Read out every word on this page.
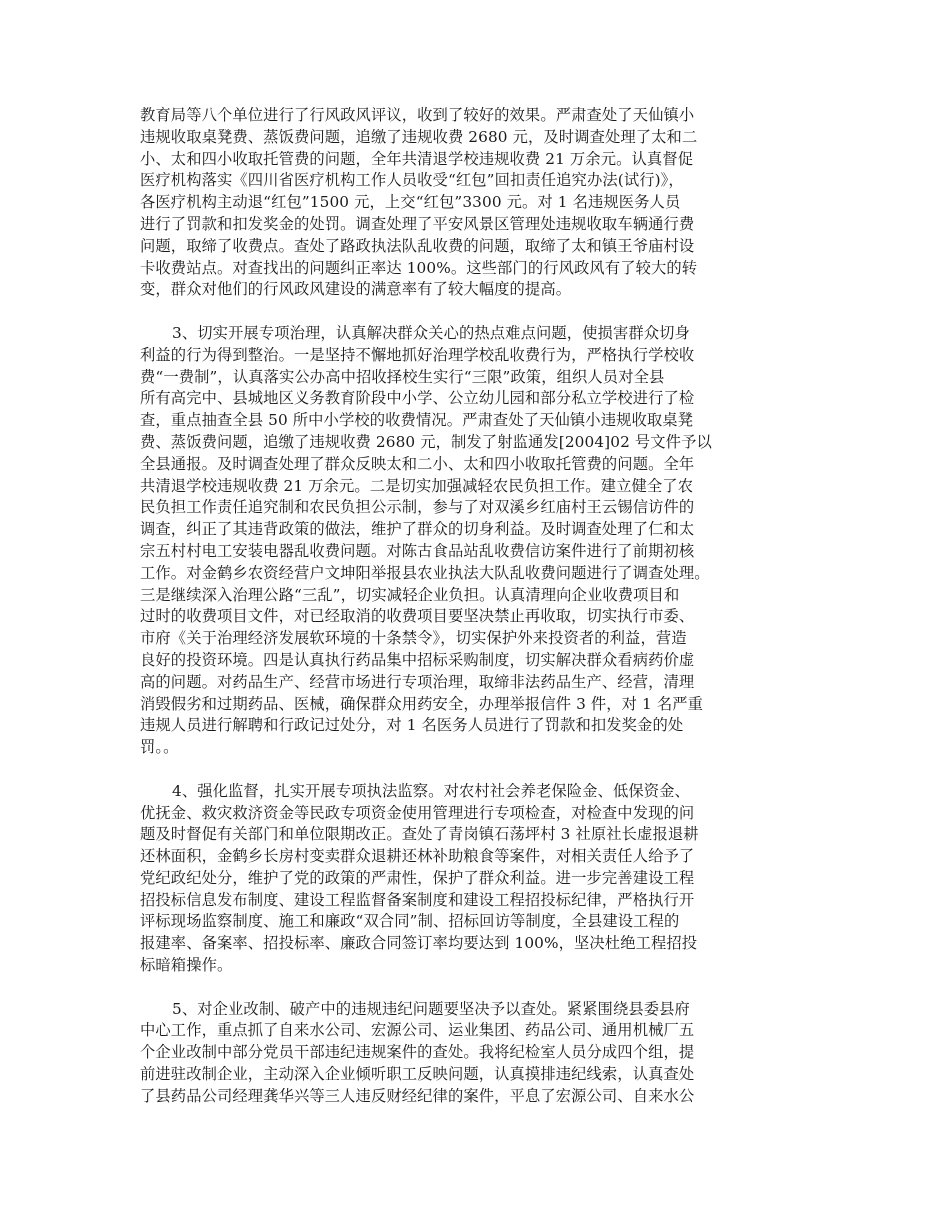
教育局等八个单位进行了行风政风评议，收到了较好的效果。严肃查处了天仙镇小
违规收取桌凳费、蒸饭费问题，追缴了违规收费 2680 元，及时调查处理了太和二
小、太和四小收取托管费的问题，全年共清退学校违规收费 21 万余元。认真督促
医疗机构落实《四川省医疗机构工作人员收受“红包”回扣责任追究办法(试行)》，
各医疗机构主动退“红包”1500 元，上交“红包”3300 元。对 1 名违规医务人员
进行了罚款和扣发奖金的处罚。调查处理了平安风景区管理处违规收取车辆通行费
问题，取缔了收费点。查处了路政执法队乱收费的问题，取缔了太和镇王爷庙村设
卡收费站点。对查找出的问题纠正率达 100%。这些部门的行风政风有了较大的转
变，群众对他们的行风政风建设的满意率有了较大幅度的提高。
3、切实开展专项治理，认真解决群众关心的热点难点问题，使损害群众切身
利益的行为得到整治。一是坚持不懈地抓好治理学校乱收费行为，严格执行学校收
费“一费制”，认真落实公办高中招收择校生实行“三限”政策，组织人员对全县
所有高完中、县城地区义务教育阶段中小学、公立幼儿园和部分私立学校进行了检
查，重点抽查全县 50 所中小学校的收费情况。严肃查处了天仙镇小违规收取桌凳
费、蒸饭费问题，追缴了违规收费 2680 元，制发了射监通发[2004]02 号文件予以
全县通报。及时调查处理了群众反映太和二小、太和四小收取托管费的问题。全年
共清退学校违规收费 21 万余元。二是切实加强减轻农民负担工作。建立健全了农
民负担工作责任追究制和农民负担公示制，参与了对双溪乡红庙村王云锡信访件的
调查，纠正了其违背政策的做法，维护了群众的切身利益。及时调查处理了仁和太
宗五村村电工安装电器乱收费问题。对陈古食品站乱收费信访案件进行了前期初核
工作。对金鹤乡农资经营户文坤阳举报县农业执法大队乱收费问题进行了调查处理。
三是继续深入治理公路“三乱”，切实减轻企业负担。认真清理向企业收费项目和
过时的收费项目文件，对已经取消的收费项目要坚决禁止再收取，切实执行市委、
市府《关于治理经济发展软环境的十条禁令》，切实保护外来投资者的利益，营造
良好的投资环境。四是认真执行药品集中招标采购制度，切实解决群众看病药价虚
高的问题。对药品生产、经营市场进行专项治理，取缔非法药品生产、经营，清理
消毁假劣和过期药品、医械，确保群众用药安全，办理举报信件 3 件，对 1 名严重
违规人员进行解聘和行政记过处分，对 1 名医务人员进行了罚款和扣发奖金的处
罚。。
4、强化监督，扎实开展专项执法监察。对农村社会养老保险金、低保资金、
优抚金、救灾救济资金等民政专项资金使用管理进行专项检查，对检查中发现的问
题及时督促有关部门和单位限期改正。查处了青岗镇石荡坪村 3 社原社长虚报退耕
还林面积，金鹤乡长房村变卖群众退耕还林补助粮食等案件，对相关责任人给予了
党纪政纪处分，维护了党的政策的严肃性，保护了群众利益。进一步完善建设工程
招投标信息发布制度、建设工程监督备案制度和建设工程招投标纪律，严格执行开
评标现场监察制度、施工和廉政“双合同”制、招标回访等制度，全县建设工程的
报建率、备案率、招投标率、廉政合同签订率均要达到 100%，坚决杜绝工程招投
标暗箱操作。
5、对企业改制、破产中的违规违纪问题要坚决予以查处。紧紧围绕县委县府
中心工作，重点抓了自来水公司、宏源公司、运业集团、药品公司、通用机械厂五
个企业改制中部分党员干部违纪违规案件的查处。我将纪检室人员分成四个组，提
前进驻改制企业，主动深入企业倾听职工反映问题，认真摸排违纪线索，认真查处
了县药品公司经理龚华兴等三人违反财经纪律的案件，平息了宏源公司、自来水公
